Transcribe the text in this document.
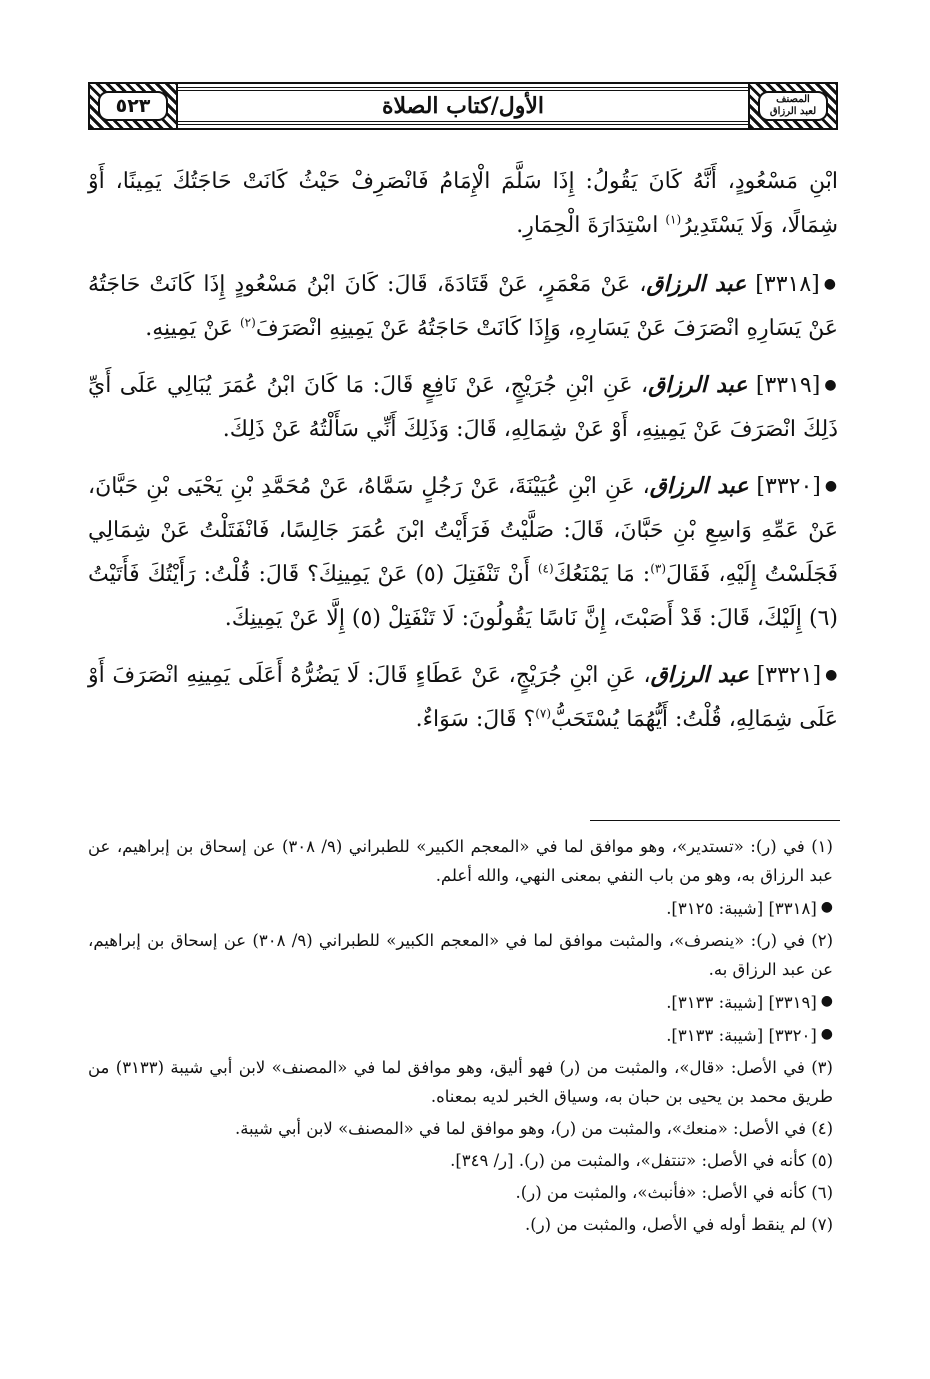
٥٢٣	الأول/كتاب الصلاة	المصنف
لعبد الرزاق

ابْنِ مَسْعُودٍ، أَنَّهُ كَانَ يَقُولُ: إِذَا سَلَّمَ الْإِمَامُ فَانْصَرِفْ حَيْثُ كَانَتْ حَاجَتُكَ يَمِينًا، أَوْ شِمَالًا، وَلَا يَسْتَدِيرُ$^{(١)}$ اسْتِدَارَةَ الْحِمَارِ.

●[٣٣١٨] عبد الرزاق، عَنْ مَعْمَرٍ، عَنْ قَتَادَةَ، قَالَ: كَانَ ابْنُ مَسْعُودٍ إِذَا كَانَتْ حَاجَتُهُ عَنْ يَسَارِهِ انْصَرَفَ عَنْ يَسَارِهِ، وَإِذَا كَانَتْ حَاجَتُهُ عَنْ يَمِينِهِ انْصَرَفَ$^{(٢)}$ عَنْ يَمِينِهِ.

●[٣٣١٩] عبد الرزاق، عَنِ ابْنِ جُرَيْجٍ، عَنْ نَافِعٍ قَالَ: مَا كَانَ ابْنُ عُمَرَ يُبَالِي عَلَى أَيِّ ذَلِكَ انْصَرَفَ عَنْ يَمِينِهِ، أَوْ عَنْ شِمَالِهِ، قَالَ: وَذَلِكَ أَنِّي سَأَلْتُهُ عَنْ ذَلِكَ.

●[٣٣٢٠] عبد الرزاق، عَنِ ابْنِ عُيَيْنَةَ، عَنْ رَجُلٍ سَمَّاهُ، عَنْ مُحَمَّدِ بْنِ يَحْيَى بْنِ حَبَّانَ، عَنْ عَمِّهِ وَاسِعِ بْنِ حَبَّانَ، قَالَ: صَلَّيْتُ فَرَأَيْتُ ابْنَ عُمَرَ جَالِسًا، فَانْفَتَلْتُ عَنْ شِمَالِي فَجَلَسْتُ إِلَيْهِ، فَقَالَ$^{(٣)}$: مَا يَمْنَعُكَ$^{(٤)}$ أَنْ تَنْفَتِلَ (٥) عَنْ يَمِينِكَ؟ قَالَ: قُلْتُ: رَأَيْتُكَ فَأَتَيْتُ (٦) إِلَيْكَ، قَالَ: قَدْ أَصَبْتَ، إِنَّ نَاسًا يَقُولُونَ: لَا تَنْفَتِلْ (٥) إِلَّا عَنْ يَمِينِكَ.

●[٣٣٢١] عبد الرزاق، عَنِ ابْنِ جُرَيْجٍ، عَنْ عَطَاءٍ قَالَ: لَا يَضُرُّهُ أَعَلَى يَمِينِهِ انْصَرَفَ أَوْ عَلَى شِمَالِهِ، قُلْتُ: أَيُّهُمَا يُسْتَحَبُّ$^{(٧)}$؟ قَالَ: سَوَاءٌ.

(١) في (ر): «تستدير»، وهو موافق لما في «المعجم الكبير» للطبراني (٩/ ٣٠٨) عن إسحاق بن إبراهيم، عن عبد الرزاق به، وهو من باب النفي بمعنى النهي، والله أعلم.

●[٣٣١٨] [شيبة: ٣١٢٥].

(٢) في (ر): «ينصرف»، والمثبت موافق لما في «المعجم الكبير» للطبراني (٩/ ٣٠٨) عن إسحاق بن إبراهيم، عن عبد الرزاق به.

●[٣٣١٩] [شيبة: ٣١٣٣].

●[٣٣٢٠] [شيبة: ٣١٣٣].

(٣) في الأصل: «قال»، والمثبت من (ر) فهو أليق، وهو موافق لما في «المصنف» لابن أبي شيبة (٣١٣٣) من طريق محمد بن يحيى بن حبان به، وسياق الخبر لديه بمعناه.

(٤) في الأصل: «منعك»، والمثبت من (ر)، وهو موافق لما في «المصنف» لابن أبي شيبة.

(٥) كأنه في الأصل: «تنتفل»، والمثبت من (ر). [ر/ ٣٤٩].

(٦) كأنه في الأصل: «فأنبث»، والمثبت من (ر).

(٧) لم ينقط أوله في الأصل، والمثبت من (ر).
